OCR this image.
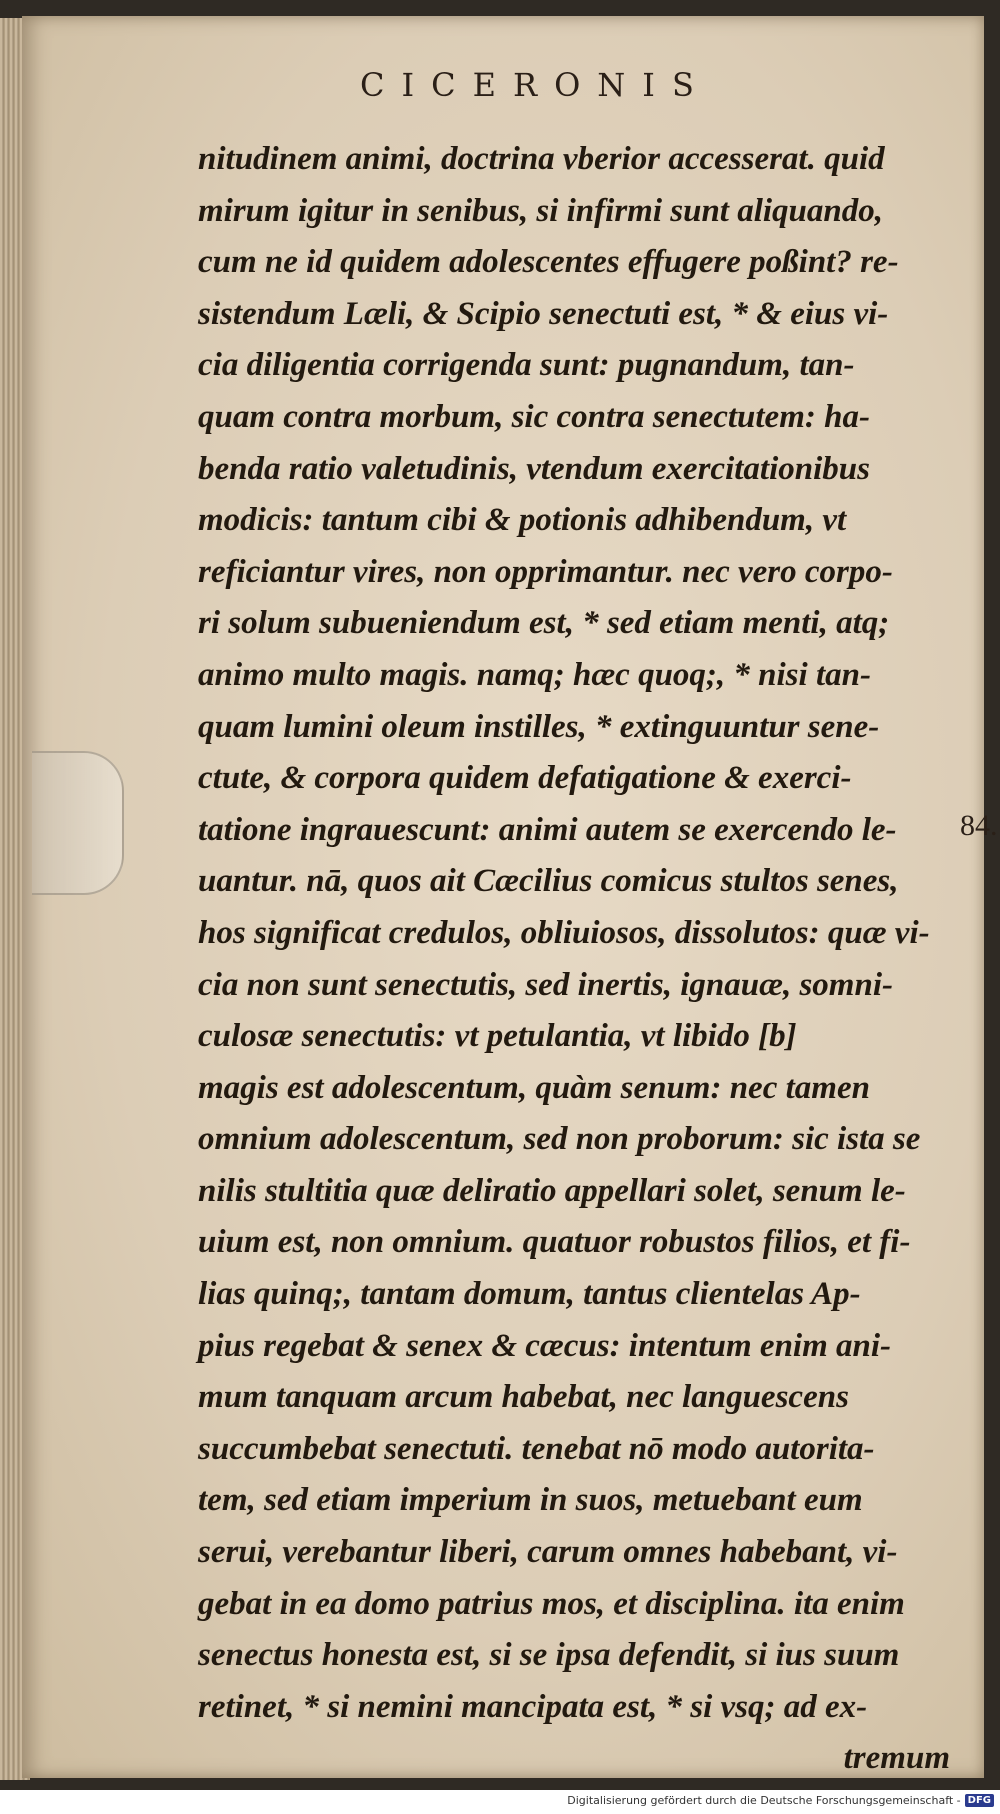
CICERONIS
nitudinem animi, doctrina vberior accesserat. quid
mirum igitur in senibus, si infirmi sunt aliquando,
cum ne id quidem adolescentes effugere poßint? re-
sistendum Læli, & Scipio senectuti est, * & eius vi-
cia diligentia corrigenda sunt: pugnandum, tan-
quam contra morbum, sic contra senectutem: ha-
benda ratio valetudinis, vtendum exercitationibus
modicis: tantum cibi & potionis adhibendum, vt
reficiantur vires, non opprimantur. nec vero corpo-
ri solum subueniendum est, * sed etiam menti, atq;
animo multo magis. namq; hæc quoq;, * nisi tan-
quam lumini oleum instilles, * extinguuntur sene-
ctute, & corpora quidem defatigatione & exerci-
tatione ingrauescunt: animi autem se exercendo le-
uantur. nā, quos ait Cæcilius comicus stultos senes,
hos significat credulos, obliuiosos, dissolutos: quæ vi-
cia non sunt senectutis, sed inertis, ignauæ, somni-
culosæ senectutis: vt petulantia, vt libido [b]
magis est adolescentum, quàm senum: nec tamen
omnium adolescentum, sed non proborum: sic ista se
nilis stultitia quæ deliratio appellari solet, senum le-
uium est, non omnium. quatuor robustos filios, et fi-
lias quinq;, tantam domum, tantus clientelas Ap-
pius regebat & senex & cæcus: intentum enim ani-
mum tanquam arcum habebat, nec languescens
succumbebat senectuti. tenebat nō modo autorita-
tem, sed etiam imperium in suos, metuebant eum
serui, verebantur liberi, carum omnes habebant, vi-
gebat in ea domo patrius mos, et disciplina. ita enim
senectus honesta est, si se ipsa defendit, si ius suum
retinet, * si nemini mancipata est, * si vsq; ad ex-
tremum
84.
Digitalisierung gefördert durch die Deutsche Forschungsgemeinschaft - DFG
